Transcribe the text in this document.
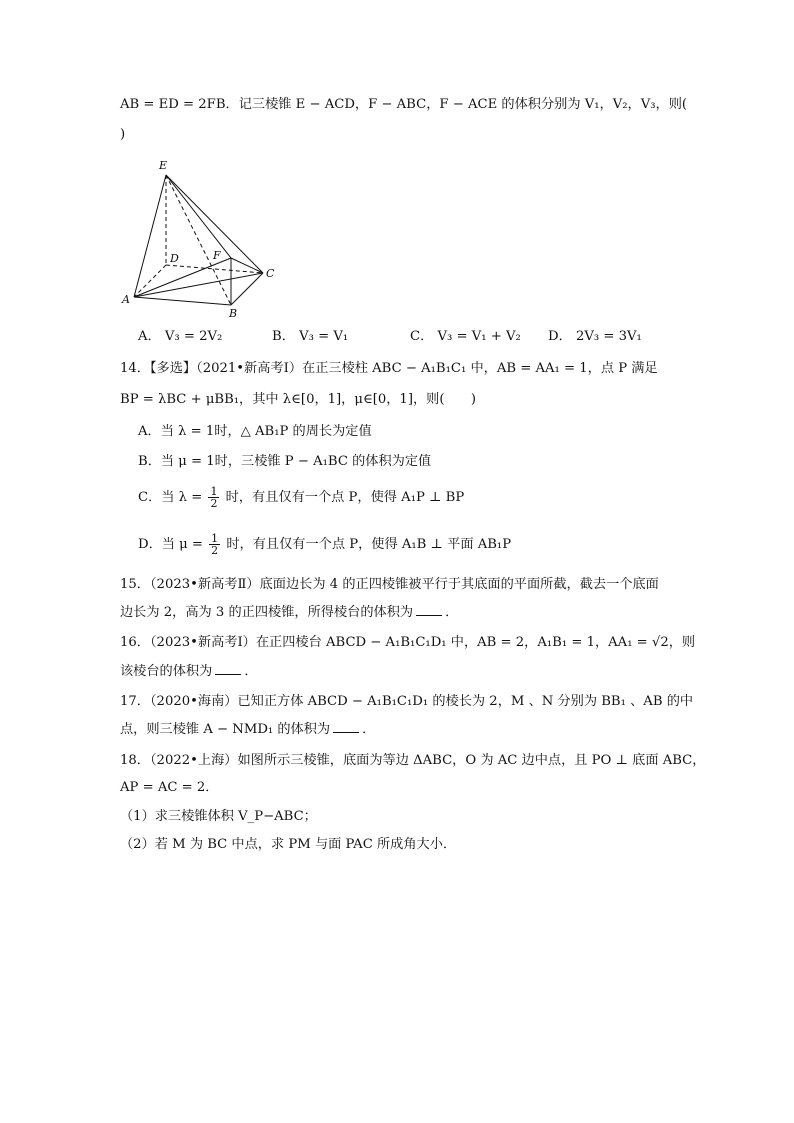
AB = ED = 2FB．记三棱锥 E − ACD，F − ABC，F − ACE 的体积分别为 V₁，V₂，V₃，则(
)
E
D	F
C
A
B
A． V₃ = 2V₂	B． V₃ = V₁	C． V₃ = V₁ + V₂ D． 2V₃ = 3V₁
14．【多选】（2021•新高考Ⅰ）在正三棱柱 ABC − A₁B₁C₁ 中，AB = AA₁ = 1，点 P 满足
BP = λBC + μBB₁，其中 λ∈[0，1]，μ∈[0，1]，则(　　)
A．当 λ = 1时，△ AB₁P 的周长为定值
B．当 μ = 1时，三棱锥 P − A₁BC 的体积为定值
C．当 $\lambda = \frac{1}{2}$ 时，有且仅有一个点 P，使得 A₁P ⊥ BP
D．当 $\mu = \frac{1}{2}$ 时，有且仅有一个点 P，使得 A₁B ⊥ 平面 AB₁P
15．（2023•新高考Ⅱ）底面边长为 4 的正四棱锥被平行于其底面的平面所截，截去一个底面
边长为 2，高为 3 的正四棱锥，所得棱台的体积为 ．
16．（2023•新高考Ⅰ）在正四棱台 ABCD − A₁B₁C₁D₁ 中，AB = 2，A₁B₁ = 1，AA₁ = √2，则
该棱台的体积为 ．
17．（2020•海南）已知正方体 ABCD − A₁B₁C₁D₁ 的棱长为 2，M 、N 分别为 BB₁ 、AB 的中
点，则三棱锥 A − NMD₁ 的体积为 ．
18．（2022•上海）如图所示三棱锥，底面为等边 ΔABC，O 为 AC 边中点，且 PO ⊥ 底面 ABC，
AP = AC = 2．
（1）求三棱锥体积 V_P−ABC；
（2）若 M 为 BC 中点，求 PM 与面 PAC 所成角大小．
